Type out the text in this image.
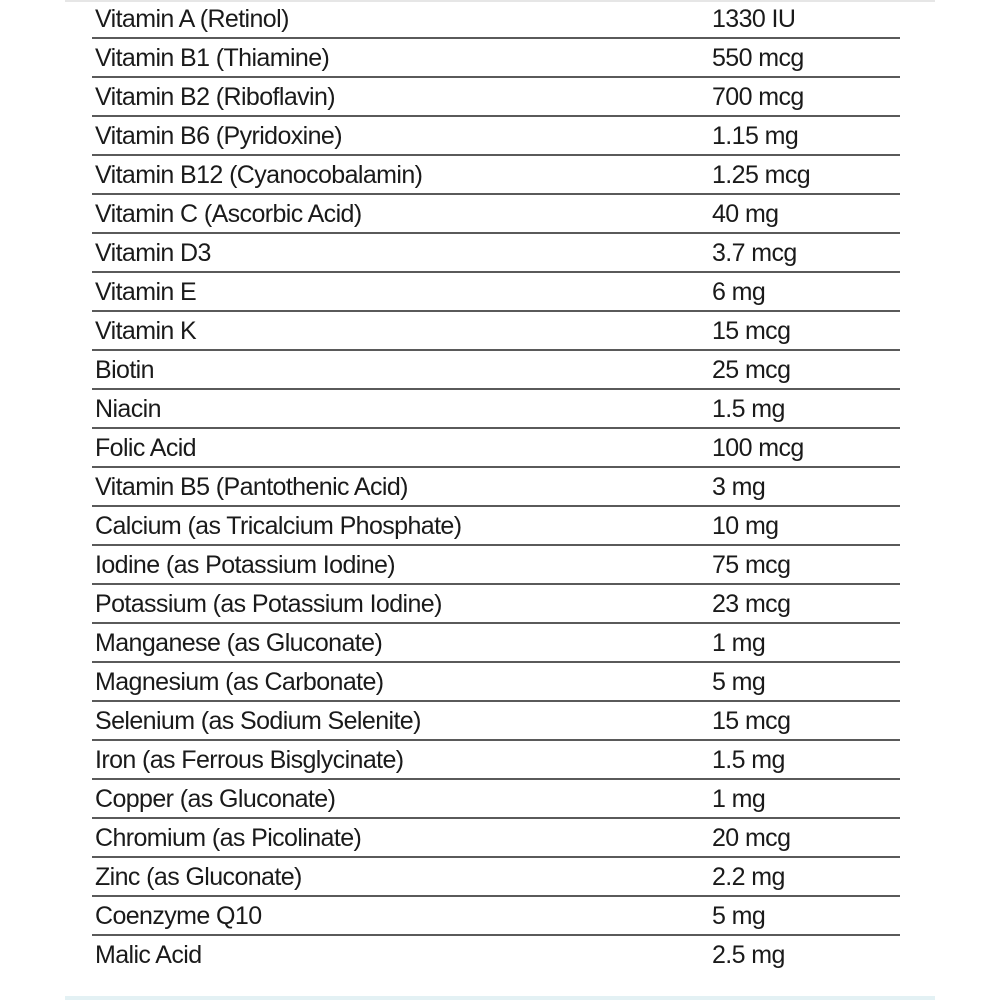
Vitamin A (Retinol)	1330 IU
Vitamin B1 (Thiamine)	550 mcg
Vitamin B2 (Riboflavin)	700 mcg
Vitamin B6 (Pyridoxine)	1.15 mg
Vitamin B12 (Cyanocobalamin)	1.25 mcg
Vitamin C (Ascorbic Acid)	40 mg
Vitamin D3	3.7 mcg
Vitamin E	6 mg
Vitamin K	15 mcg
Biotin	25 mcg
Niacin	1.5 mg
Folic Acid	100 mcg
Vitamin B5 (Pantothenic Acid)	3 mg
Calcium (as Tricalcium Phosphate)	10 mg
Iodine (as Potassium Iodine)	75 mcg
Potassium (as Potassium Iodine)	23 mcg
Manganese (as Gluconate)	1 mg
Magnesium (as Carbonate)	5 mg
Selenium (as Sodium Selenite)	15 mcg
Iron (as Ferrous Bisglycinate)	1.5 mg
Copper (as Gluconate)	1 mg
Chromium (as Picolinate)	20 mcg
Zinc (as Gluconate)	2.2 mg
Coenzyme Q10	5 mg
Malic Acid	2.5 mg
